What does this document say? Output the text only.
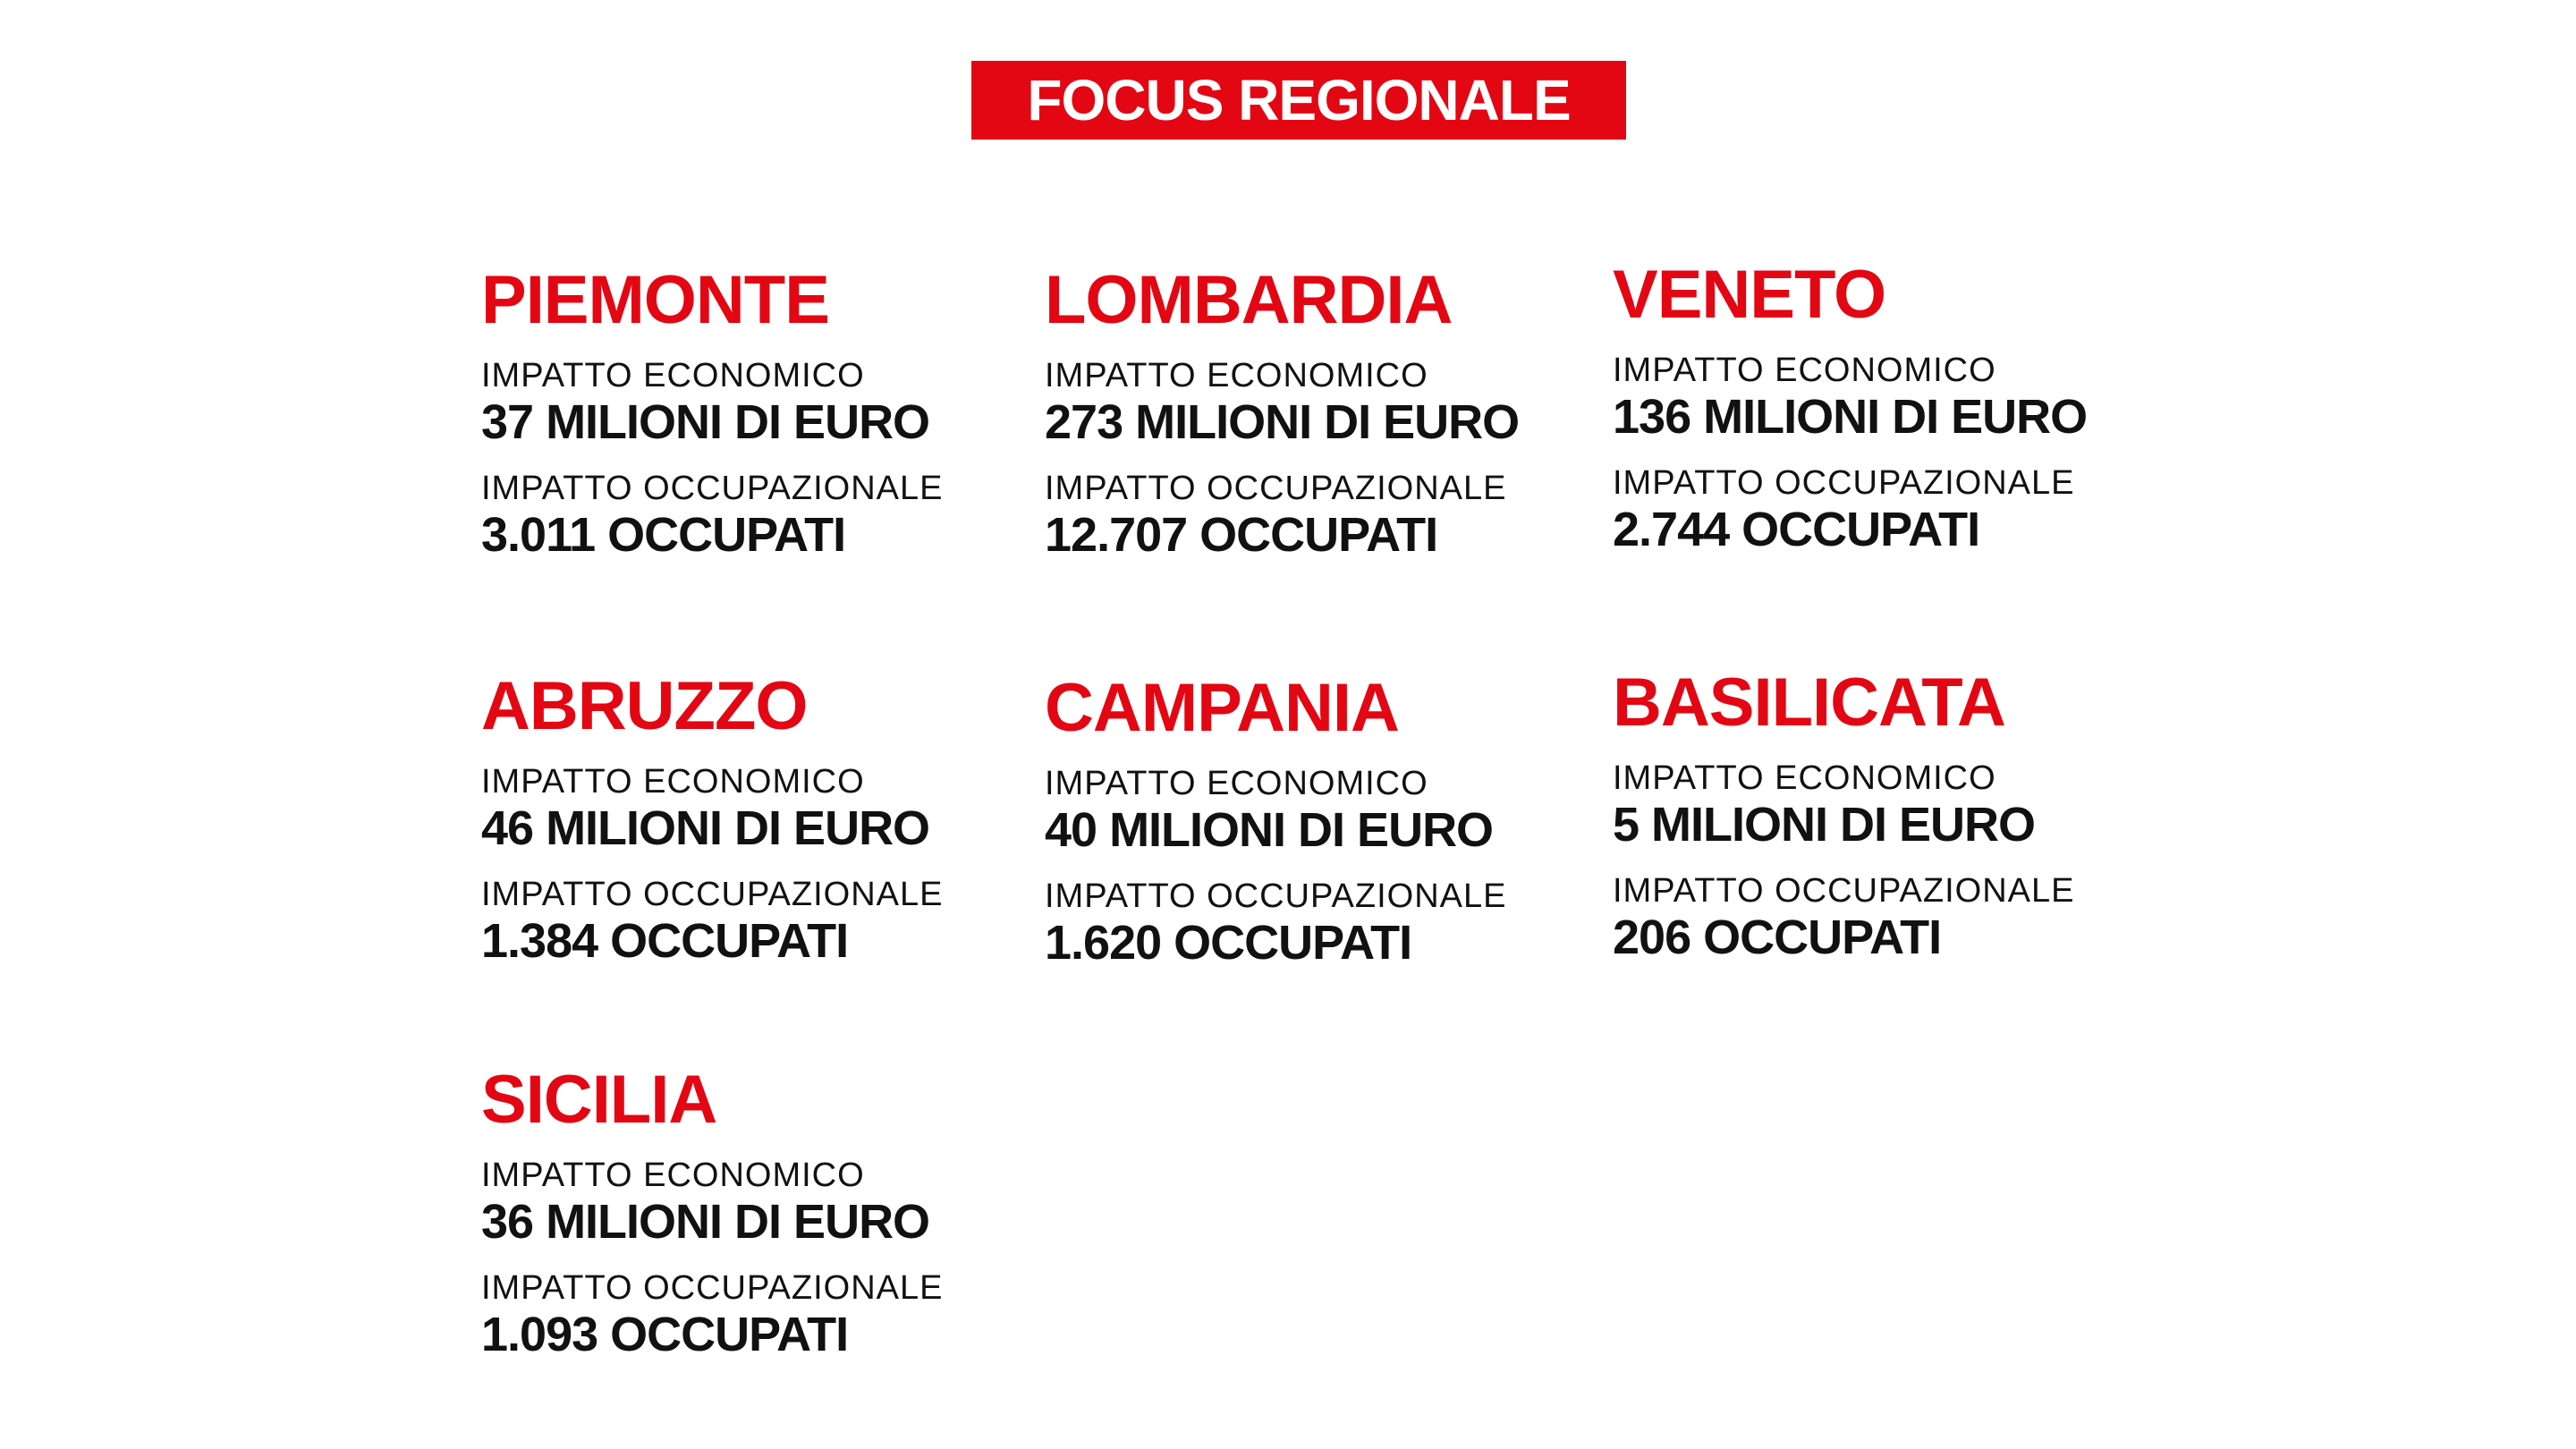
FOCUS REGIONALE
PIEMONTE
IMPATTO ECONOMICO
37 MILIONI DI EURO
IMPATTO OCCUPAZIONALE
3.011 OCCUPATI
LOMBARDIA
IMPATTO ECONOMICO
273 MILIONI DI EURO
IMPATTO OCCUPAZIONALE
12.707 OCCUPATI
VENETO
IMPATTO ECONOMICO
136 MILIONI DI EURO
IMPATTO OCCUPAZIONALE
2.744 OCCUPATI
ABRUZZO
IMPATTO ECONOMICO
46 MILIONI DI EURO
IMPATTO OCCUPAZIONALE
1.384 OCCUPATI
CAMPANIA
IMPATTO ECONOMICO
40 MILIONI DI EURO
IMPATTO OCCUPAZIONALE
1.620 OCCUPATI
BASILICATA
IMPATTO ECONOMICO
5 MILIONI DI EURO
IMPATTO OCCUPAZIONALE
206 OCCUPATI
SICILIA
IMPATTO ECONOMICO
36 MILIONI DI EURO
IMPATTO OCCUPAZIONALE
1.093 OCCUPATI
